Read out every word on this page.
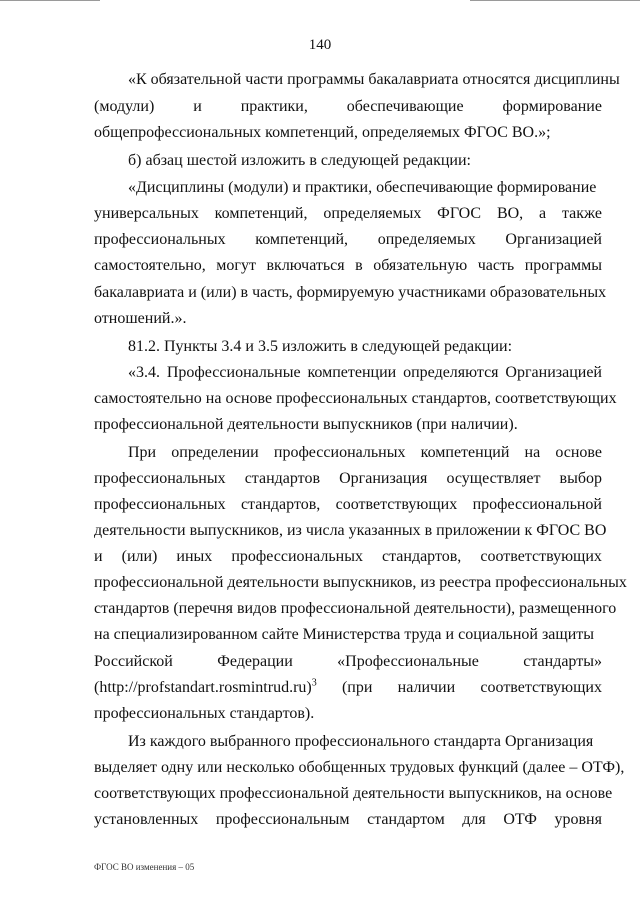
140
«К обязательной части программы бакалавриата относятся дисциплины
(модули) и практики, обеспечивающие формирование
общепрофессиональных компетенций, определяемых ФГОС ВО.»;
б) абзац шестой изложить в следующей редакции:
«Дисциплины (модули) и практики, обеспечивающие формирование
универсальных компетенций, определяемых ФГОС ВО, а также
профессиональных компетенций, определяемых Организацией
самостоятельно, могут включаться в обязательную часть программы
бакалавриата и (или) в часть, формируемую участниками образовательных
отношений.».
81.2. Пункты 3.4 и 3.5 изложить в следующей редакции:
«3.4. Профессиональные компетенции определяются Организацией
самостоятельно на основе профессиональных стандартов, соответствующих
профессиональной деятельности выпускников (при наличии).
При определении профессиональных компетенций на основе
профессиональных стандартов Организация осуществляет выбор
профессиональных стандартов, соответствующих профессиональной
деятельности выпускников, из числа указанных в приложении к ФГОС ВО
и (или) иных профессиональных стандартов, соответствующих
профессиональной деятельности выпускников, из реестра профессиональных
стандартов (перечня видов профессиональной деятельности), размещенного
на специализированном сайте Министерства труда и социальной защиты
Российской	Федерации	«Профессиональные	стандарты»
(http://profstandart.rosmintrud.ru)$^3$ (при наличии соответствующих
профессиональных стандартов).
Из каждого выбранного профессионального стандарта Организация
выделяет одну или несколько обобщенных трудовых функций (далее – ОТФ),
соответствующих профессиональной деятельности выпускников, на основе
установленных профессиональным стандартом для ОТФ уровня
ФГОС ВО изменения – 05
